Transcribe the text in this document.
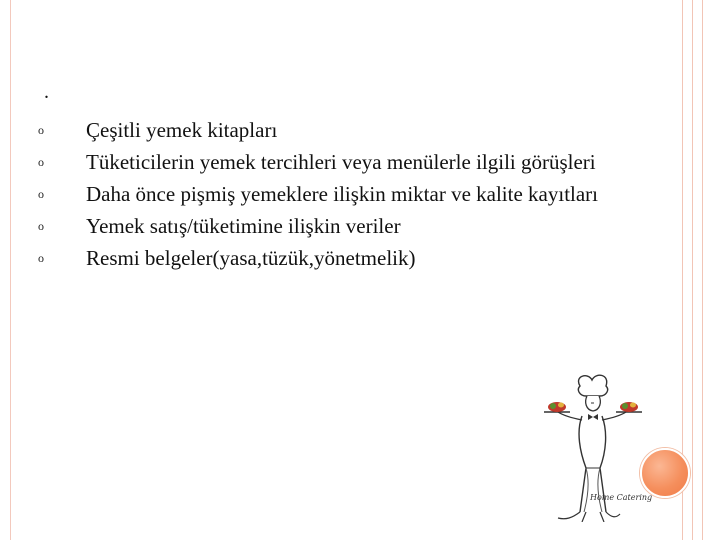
.
o Çeşitli yemek kitapları
o Tüketicilerin yemek tercihleri veya menülerle ilgili görüşleri
o Daha önce pişmiş yemeklere ilişkin miktar ve kalite kayıtları
o Yemek satış/tüketimine ilişkin veriler
o Resmi belgeler(yasa,tüzük,yönetmelik)
Home Catering
